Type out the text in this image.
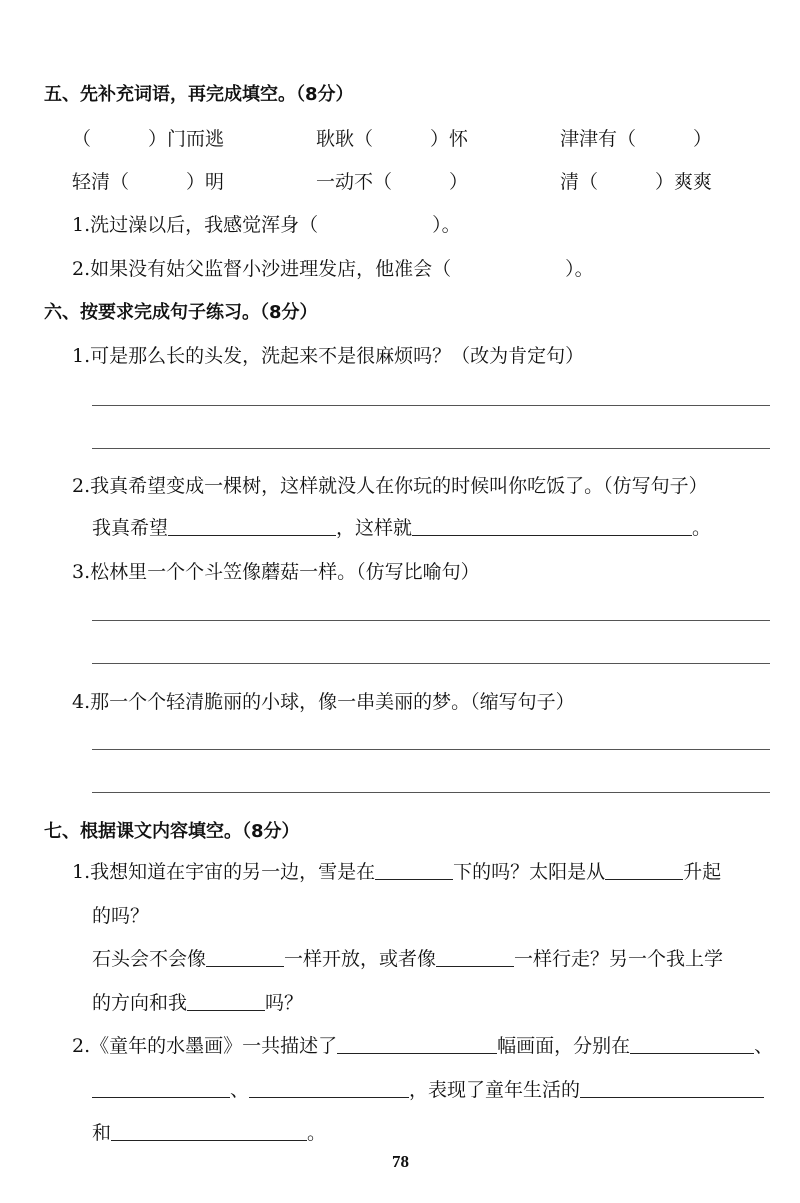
五、先补充词语，再完成填空。（8分）
（　　　）门而逃	耿耿（　　　）怀	津津有（　　　）
轻清（　　　）明	一动不（　　　）	清（　　　）爽爽
1.洗过澡以后，我感觉浑身（　　　　　　）。
2.如果没有姑父监督小沙进理发店，他准会（　　　　　　）。
六、按要求完成句子练习。（8分）
1.可是那么长的头发，洗起来不是很麻烦吗？（改为肯定句）
2.我真希望变成一棵树，这样就没人在你玩的时候叫你吃饭了。（仿写句子）
我真希望	，这样就	。
3.松林里一个个斗笠像蘑菇一样。（仿写比喻句）
4.那一个个轻清脆丽的小球，像一串美丽的梦。（缩写句子）
七、根据课文内容填空。（8分）
1.我想知道在宇宙的另一边，雪是在	下的吗？太阳是从	升起
的吗？
石头会不会像	一样开放，或者像	一样行走？另一个我上学
的方向和我	吗？
2.《童年的水墨画》一共描述了	幅画面，分别在	、
、	，表现了童年生活的
和	。
78
